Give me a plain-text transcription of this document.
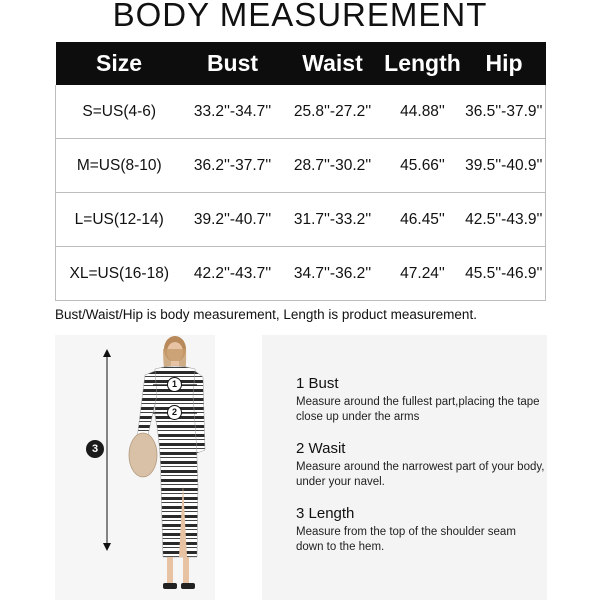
BODY MEASUREMENT
Size	Bust	Waist	Length	Hip
S=US(4-6)	33.2''-34.7''	25.8''-27.2''	44.88''	36.5''-37.9''
M=US(8-10)	36.2''-37.7''	28.7''-30.2''	45.66''	39.5''-40.9''
L=US(12-14)	39.2''-40.7''	31.7''-33.2''	46.45''	42.5''-43.9''
XL=US(16-18)	42.2''-43.7''	34.7''-36.2''	47.24''	45.5''-46.9''
Bust/Waist/Hip is body measurement, Length is product measurement.
1
2
3
1 Bust
Measure around the fullest part,placing the tape close up under the arms
2 Wasit
Measure around the narrowest part of your body, under your navel.
3 Length
Measure from the top of the shoulder seam down to the hem.
